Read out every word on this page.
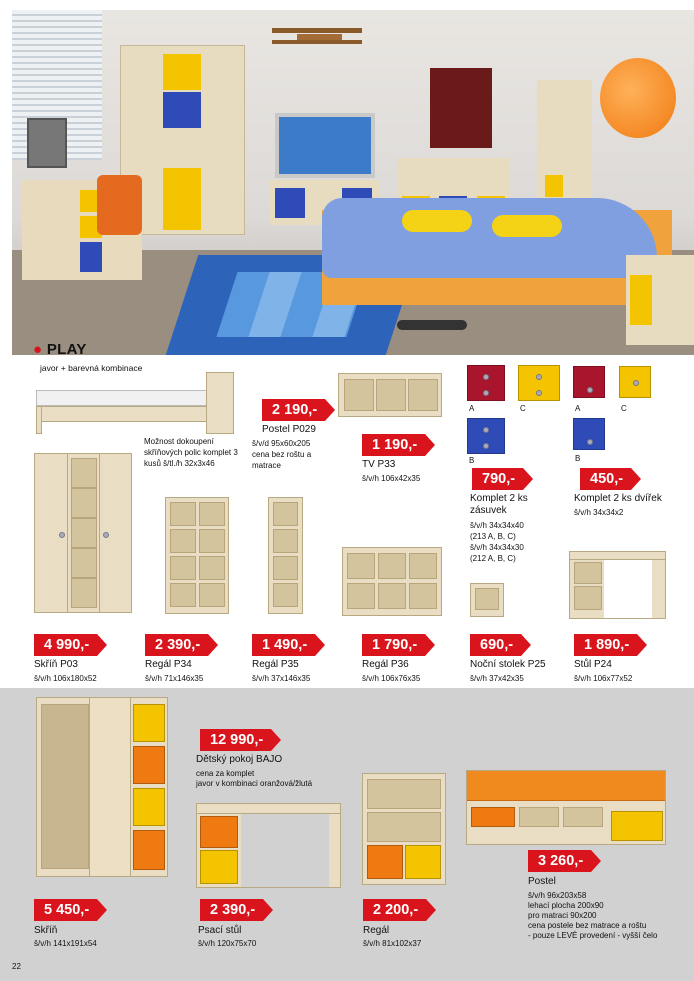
● PLAY
javor + barevná kombinace
2 190,-
Postel P029
š/v/d 95x60x205
cena bez roštu a matrace
Možnost dokoupení skříňových polic komplet 3 kusů š/tl./h 32x3x46
1 190,-
TV P33
š/v/h 106x42x35
A	C
B
790,-
Komplet 2 ks zásuvek
š/v/h 34x34x40
(213 A, B, C)
š/v/h 34x34x30
(212 A, B, C)
A	C
B
450,-
Komplet 2 ks dvířek
š/v/h 34x34x2
4 990,-
Skříň P03
š/v/h 106x180x52
2 390,-
Regál P34
š/v/h 71x146x35
1 490,-
Regál P35
š/v/h 37x146x35
1 790,-
Regál P36
š/v/h 106x76x35
690,-
Noční stolek P25
š/v/h 37x42x35
1 890,-
Stůl P24
š/v/h 106x77x52
12 990,-
Dětský pokoj BAJO
cena za komplet
javor v kombinaci oranžová/žlutá
5 450,-
Skříň
š/v/h 141x191x54
2 390,-
Psací stůl
š/v/h 120x75x70
2 200,-
Regál
š/v/h 81x102x37
3 260,-
Postel
š/v/h 96x203x58
lehací plocha 200x90
pro matraci 90x200
cena postele bez matrace a roštu
- pouze LEVÉ provedení - vyšší čelo
22
